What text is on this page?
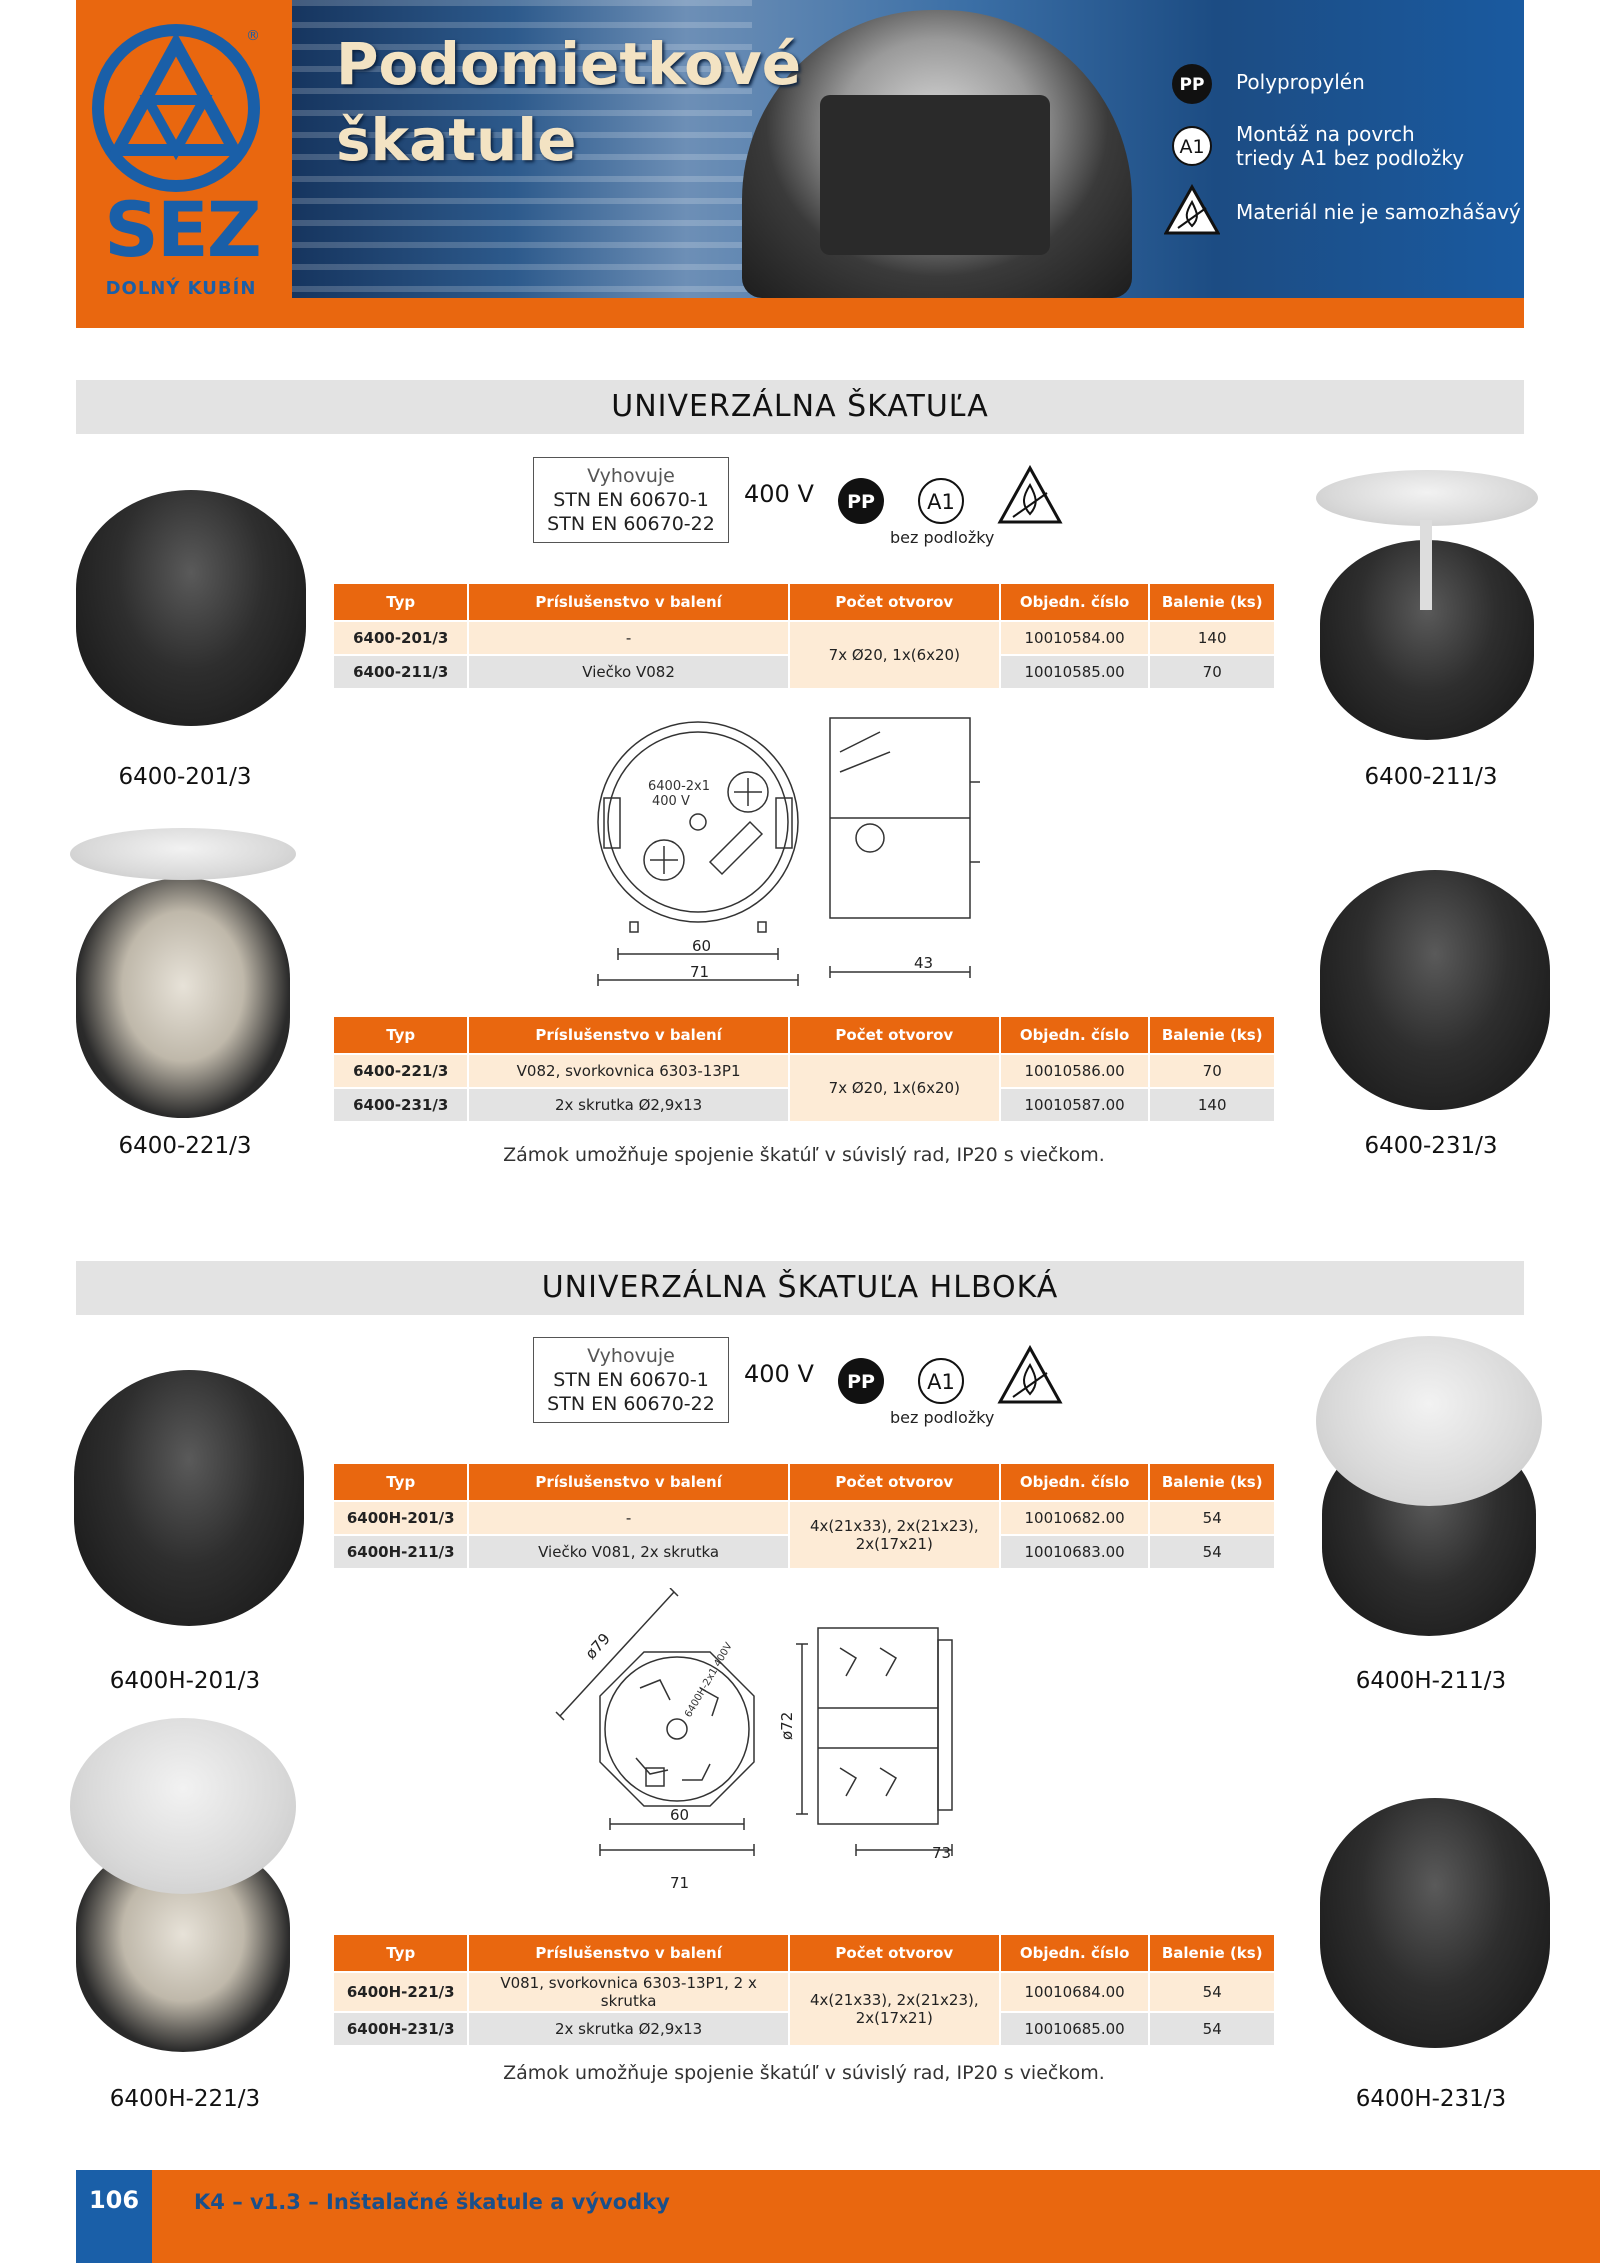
®
SEZ
DOLNÝ KUBÍN
Podomietkové
škatule
PP Polypropylén
A1
Montáž na povrch
triedy A1 bez podložky
Materiál nie je samozhášavý
UNIVERZÁLNA ŠKATUĽA
Vyhovuje
STN EN 60670-1
STN EN 60670-22
400 V PP A1
bez podložky
Typ	Príslušenstvo v balení	Počet otvorov	Objedn. číslo	Balenie (ks)
6400-201/3	-	7x Ø20, 1x(6x20)	10010584.00	140
6400-211/3	Viečko V082		10010585.00	70
6400-2x1
400 V
60
71	43
Typ	Príslušenstvo v balení	Počet otvorov	Objedn. číslo	Balenie (ks)
6400-221/3	V082, svorkovnica 6303-13P1	7x Ø20, 1x(6x20)	10010586.00	70
6400-231/3	2x skrutka Ø2,9x13		10010587.00	140
Zámok umožňuje spojenie škatúľ v súvislý rad, IP20 s viečkom.
6400-201/3	6400-211/3
6400-221/3	6400-231/3
UNIVERZÁLNA ŠKATUĽA HLBOKÁ
Vyhovuje
STN EN 60670-1
STN EN 60670-22
400 V PP A1
bez podložky
Typ	Príslušenstvo v balení	Počet otvorov	Objedn. číslo	Balenie (ks)
6400H-201/3	-	4x(21x33), 2x(21x23),
2x(17x21)	10010682.00	54
6400H-211/3	Viečko V081, 2x skrutka		10010683.00	54
ø79
ø72
60
71
73
6400H-2x1 400V
Typ	Príslušenstvo v balení	Počet otvorov	Objedn. číslo	Balenie (ks)
6400H-221/3	V081, svorkovnica 6303-13P1, 2 x skrutka	4x(21x33), 2x(21x23),
2x(17x21)	10010684.00	54
6400H-231/3	2x skrutka Ø2,9x13		10010685.00	54
Zámok umožňuje spojenie škatúľ v súvislý rad, IP20 s viečkom.
6400H-201/3	6400H-211/3
6400H-221/3	6400H-231/3
106	K4 – v1.3 – Inštalačné škatule a vývodky
